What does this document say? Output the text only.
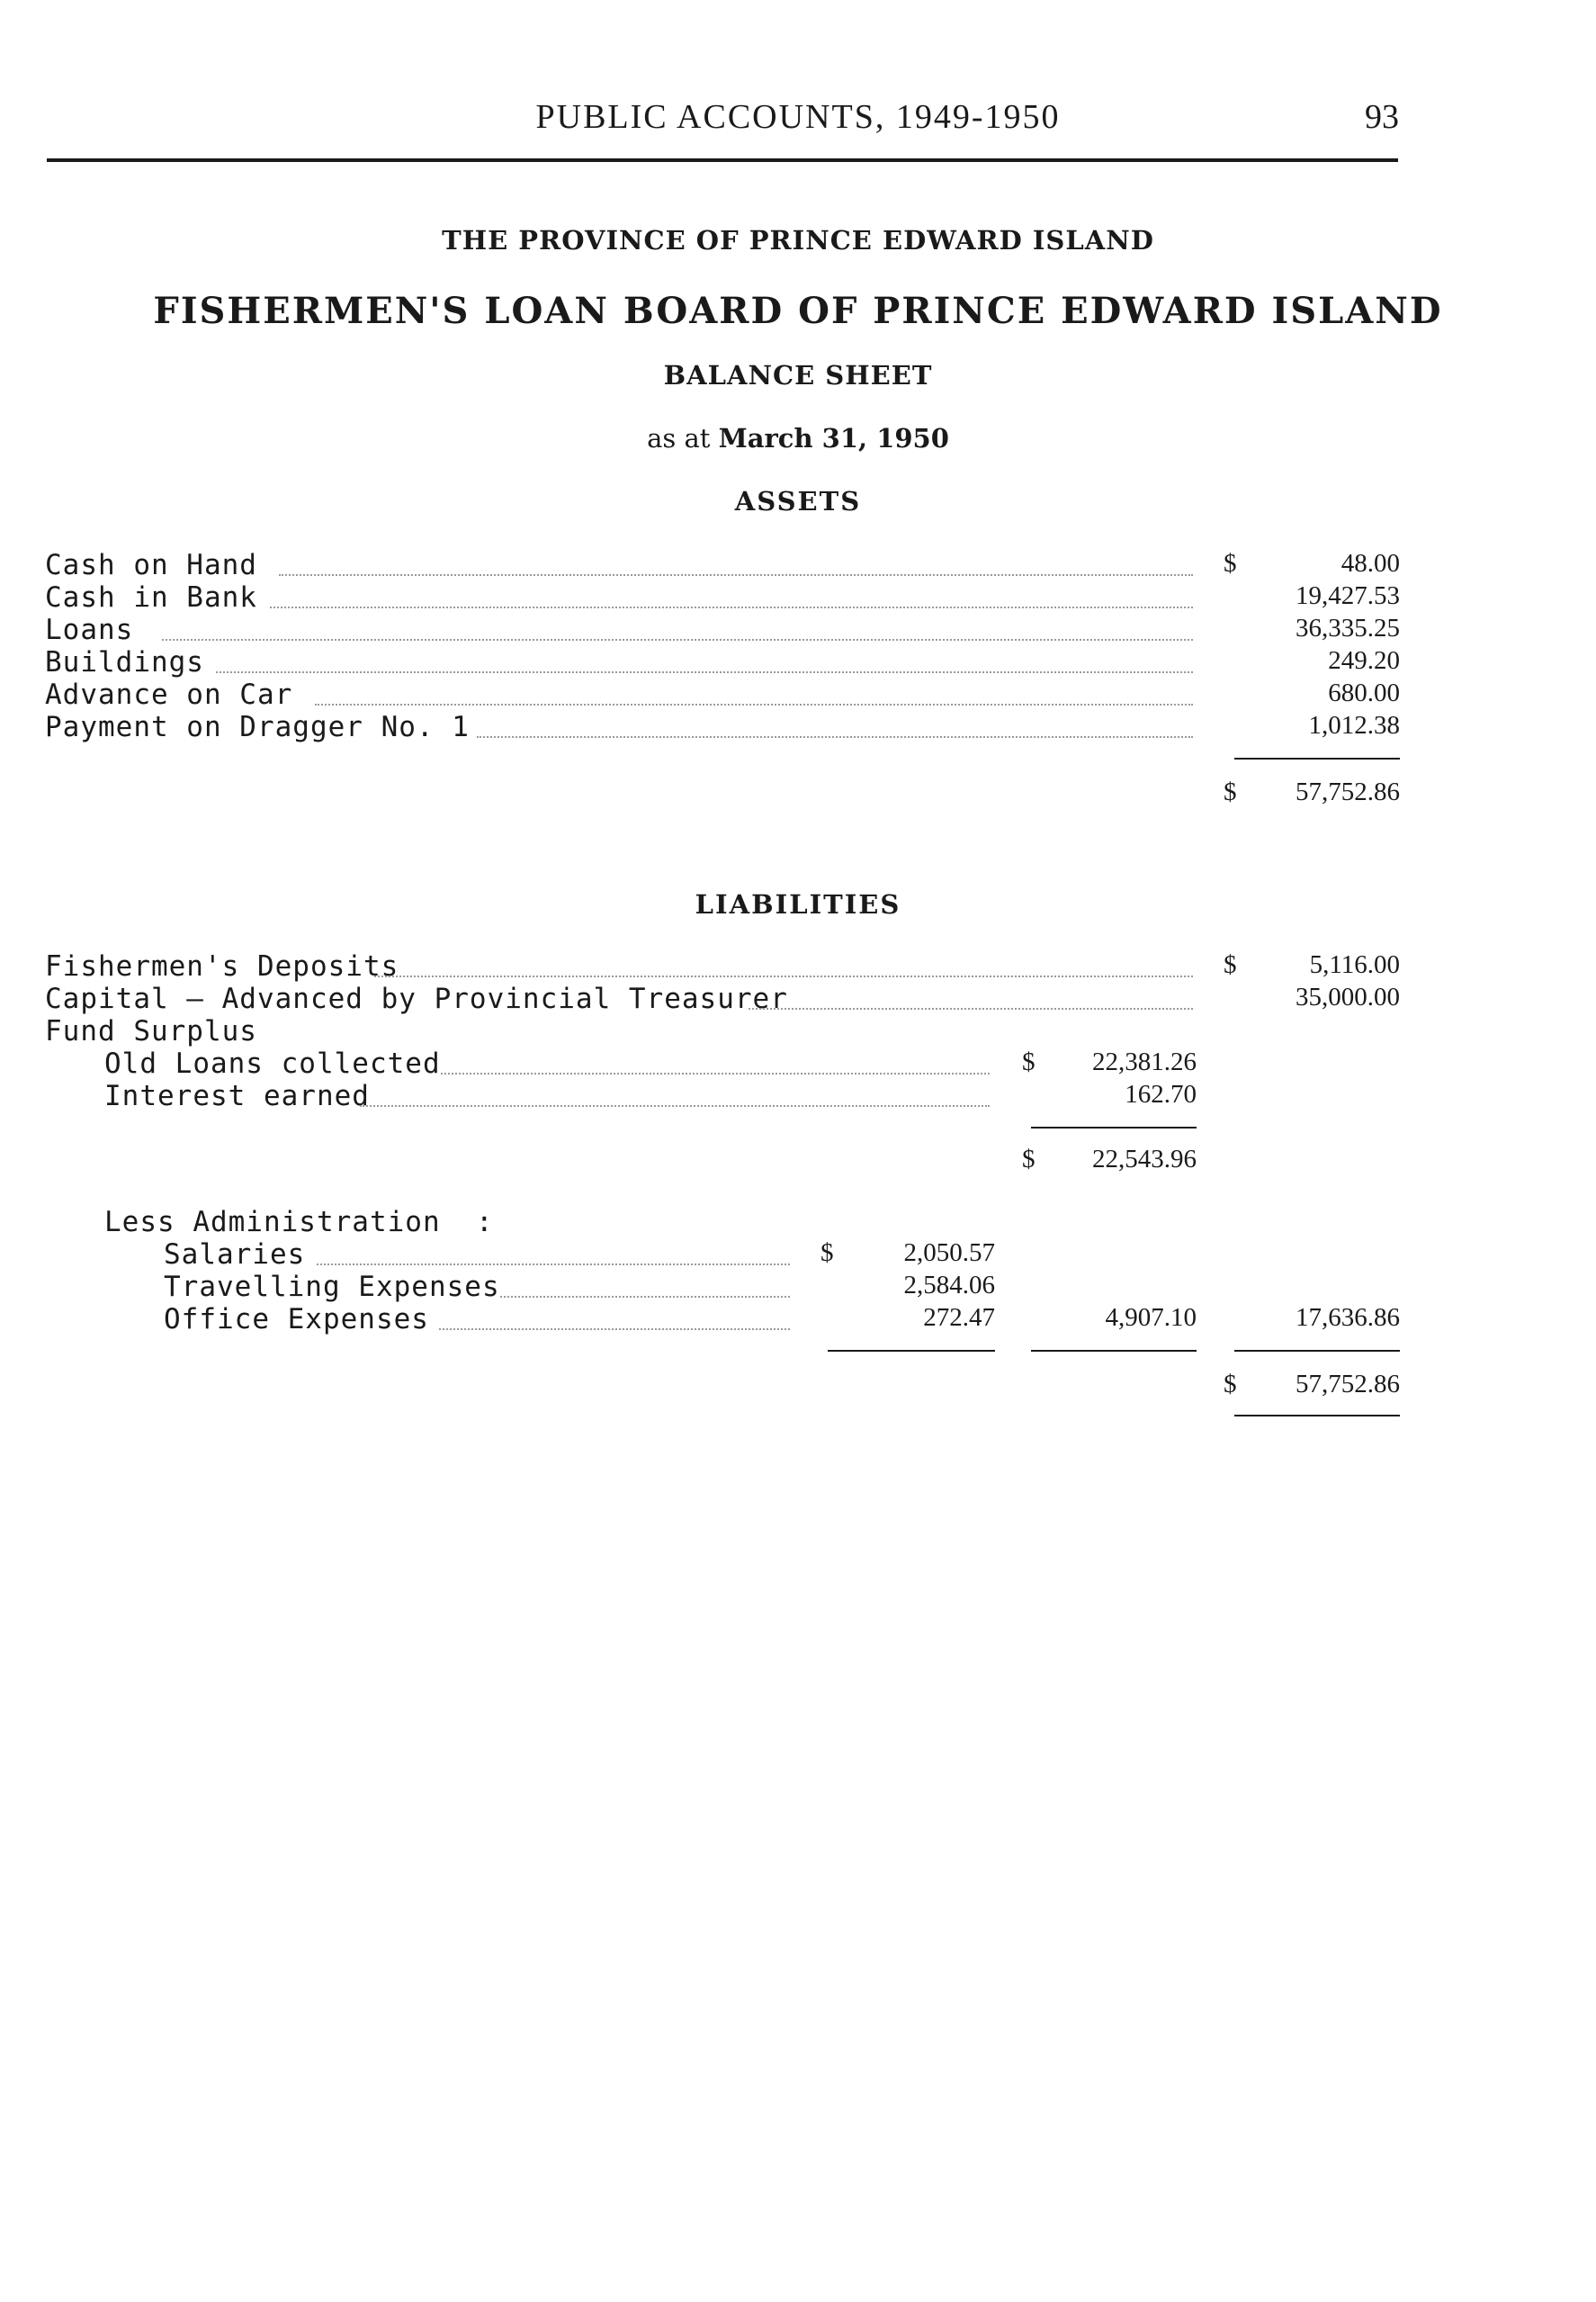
PUBLIC ACCOUNTS, 1949-1950	93
THE PROVINCE OF PRINCE EDWARD ISLAND
FISHERMEN'S LOAN BOARD OF PRINCE EDWARD ISLAND
BALANCE SHEET
as at March 31, 1950
ASSETS
Cash on Hand	$	48.00
Cash in Bank	19,427.53
Loans	36,335.25
Buildings	249.20
Advance on Car	680.00
Payment on Dragger No. 1	1,012.38
$	57,752.86
LIABILITIES
Fishermen's Deposits	$	5,116.00
Capital — Advanced by Provincial Treasurer	35,000.00
Fund Surplus
Old Loans collected	$	22,381.26
Interest earned	162.70
$	22,543.96
Less Administration :
Salaries	$	2,050.57
Travelling Expenses	2,584.06
Office Expenses	272.47	4,907.10	17,636.86
$	57,752.86
